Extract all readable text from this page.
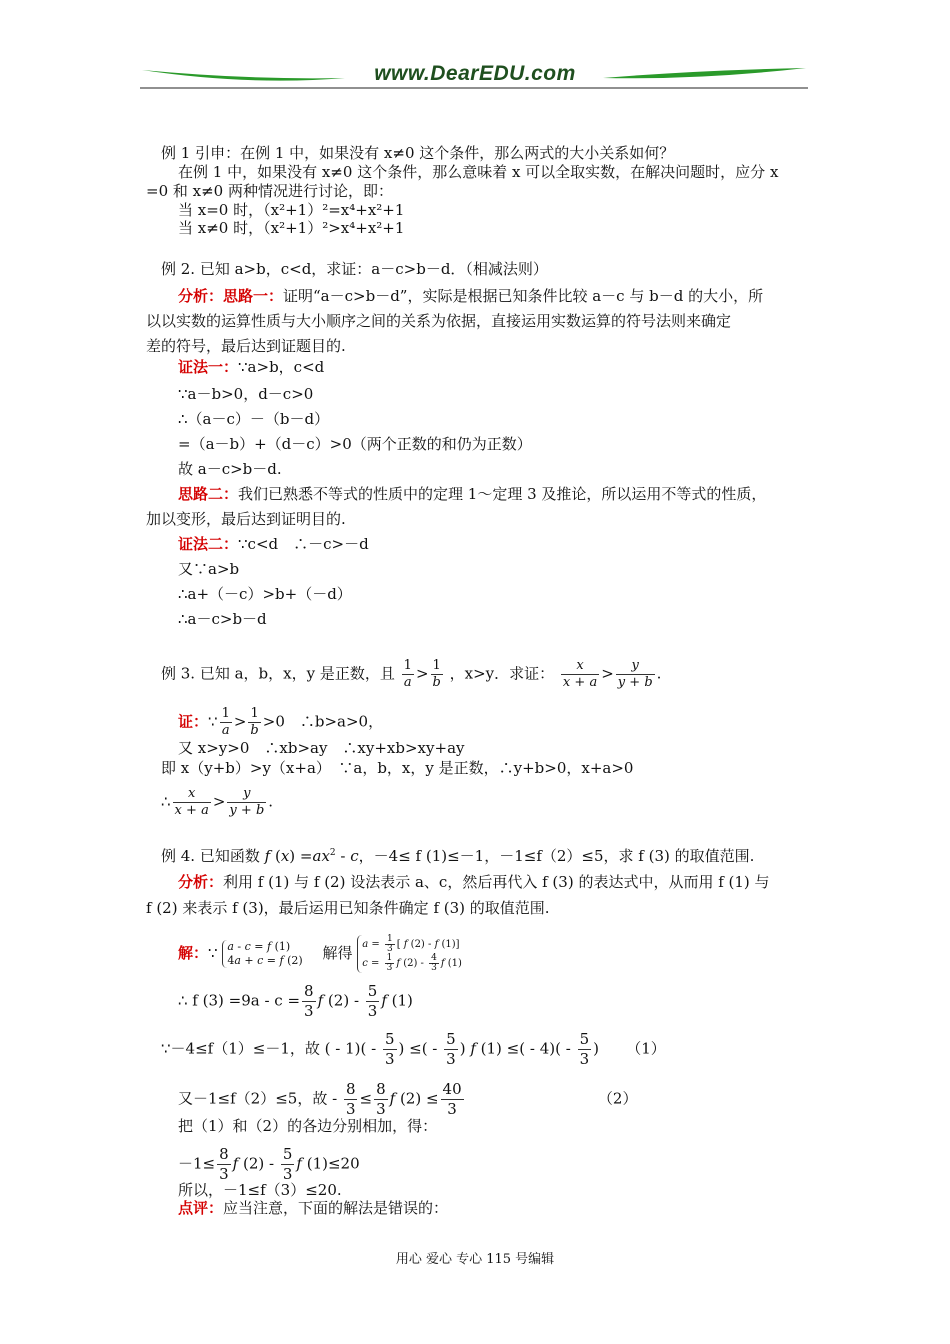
www.DearEDU.com
例 1 引申：在例 1 中，如果没有 x≠0 这个条件，那么两式的大小关系如何？
在例 1 中，如果没有 x≠0 这个条件，那么意味着 x 可以全取实数，在解决问题时，应分 x
=0 和 x≠0 两种情况进行讨论，即：
当 x=0 时，（x²+1）²=x⁴+x²+1
当 x≠0 时，（x²+1）²>x⁴+x²+1
例 2. 已知 a>b，c<d，求证：a－c>b－d．（相减法则）
分析：思路一：证明“a－c>b－d”，实际是根据已知条件比较 a－c 与 b－d 的大小，所
以以实数的运算性质与大小顺序之间的关系为依据，直接运用实数运算的符号法则来确定
差的符号，最后达到证题目的.
证法一：∵a>b，c<d
∵a－b>0，d－c>0
∴（a－c）－（b－d）
=（a－b）+（d－c）>0（两个正数的和仍为正数）
故 a－c>b－d.
思路二：我们已熟悉不等式的性质中的定理 1～定理 3 及推论，所以运用不等式的性质，
加以变形，最后达到证明目的.
证法二：∵c<d　∴－c>－d
又∵a>b
∴a+（－c）>b+（－d）
∴a－c>b－d
例 3. 已知 a，b，x，y 是正数，且 $\frac{1}{a} > \frac{1}{b}$ ，x>y．求证： $\frac{x}{x + a} > \frac{y}{y + b}$ .
证：∵ $\frac{1}{a} > \frac{1}{b} >0$　∴b>a>0，
又 x>y>0　∴xb>ay　∴xy+xb>xy+ay
即 x（y+b）>y（x+a）　∵a，b，x，y 是正数，∴y+b>0，x+a>0
∴ $\frac{x}{x + a} > \frac{y}{y + b}$ .
例 4. 已知函数 f $(x) =ax^2 - c$，－4≤ f (1)≤－1，－1≤f（2）≤5，求 f (3) 的取值范围.
分析：利用 f (1) 与 f (2) 设法表示 a、c，然后再代入 f (3) 的表达式中，从而用 f (1) 与
f (2) 来表示 f (3)，最后运用已知条件确定 f (3) 的取值范围.
解：∵ a - c = f (1)
4a + c = f (2) 　 解得 $a = \frac{1}{3}$ [ f (2) - f (1)]
$c = \frac{1}{3}$ f $(2) - \frac{4}{3}$ f (1)
∴ f $(3) =9a - c = \frac{8}{3}$ f $(2) - \frac{5}{3}$ f (1)
∵－4≤f（1）≤－1，故 ( - $1)( - \frac{5}{3}$ ) ≤( - $\frac{5}{3}$ ) f (1) ≤( - $4)( - \frac{5}{3}$ ) 　　（1）
又－1≤f（2）≤5，故 - $\frac{8}{3} \le \frac{8}{3}$ f $(2) \le \frac{40}{3}$
　　　　　　　　　	（2）
把（1）和（2）的各边分别相加，得：
$-1\le \frac{8}{3}$ f $(2) - \frac{5}{3}$ f (1)≤20
所以，－1≤f（3）≤20.
点评：应当注意，下面的解法是错误的：
用心 爱心 专心 115 号编辑
